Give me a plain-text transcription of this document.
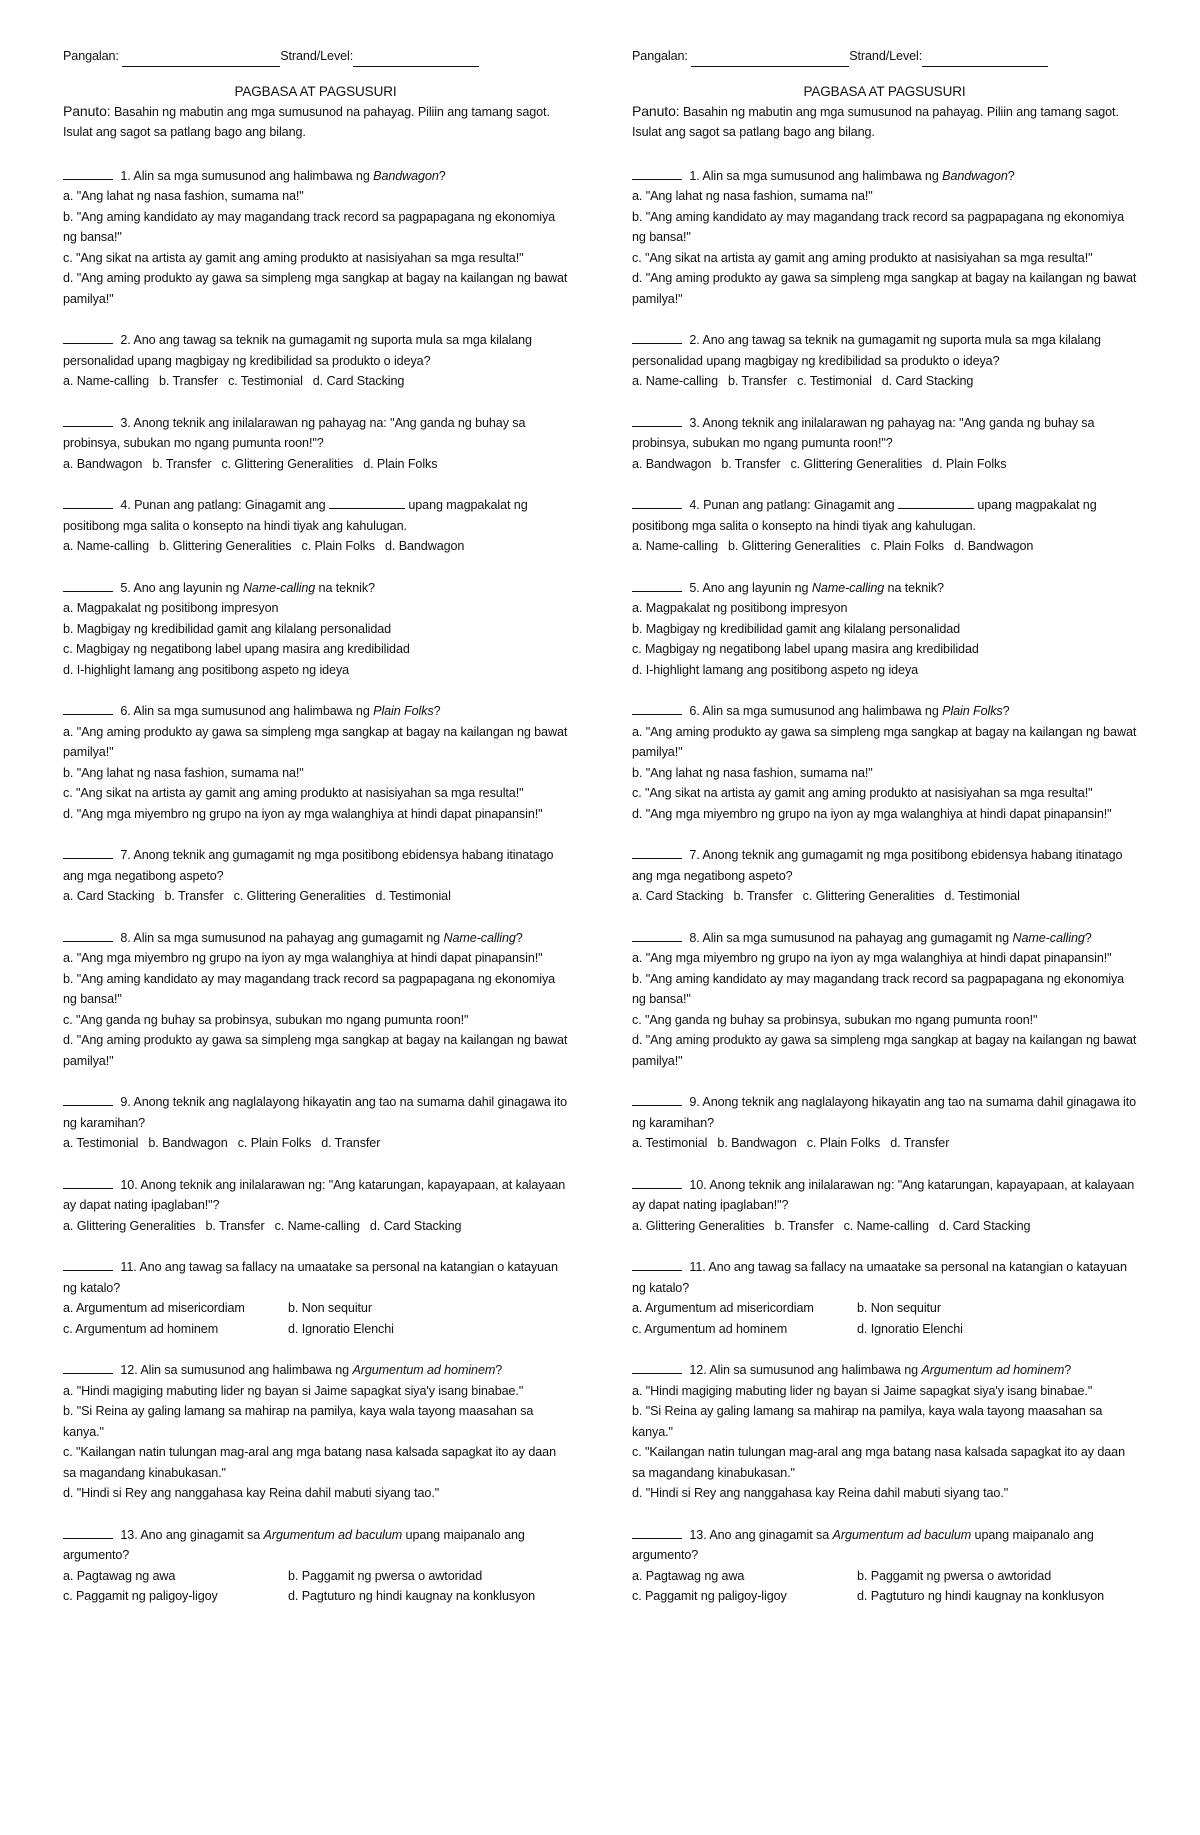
Pangalan:
	Strand/Level:

PAGBASA AT PAGSUSURI

Panuto: Basahin ng mabutin ang mga sumusunod na pahayag. Piliin ang tamang sagot. Isulat ang sagot sa patlang bago ang bilang.

1. Alin sa mga sumusunod ang halimbawa ng Bandwagon?
a. "Ang lahat ng nasa fashion, sumama na!"
b. "Ang aming kandidato ay may magandang track record sa pagpapagana ng ekonomiya ng bansa!"
c. "Ang sikat na artista ay gamit ang aming produkto at nasisiyahan sa mga resulta!"
d. "Ang aming produkto ay gawa sa simpleng mga sangkap at bagay na kailangan ng bawat pamilya!"
2. Ano ang tawag sa teknik na gumagamit ng suporta mula sa mga kilalang personalidad upang magbigay ng kredibilidad sa produkto o ideya?
a. Name-calling b. Transfer c. Testimonial d. Card Stacking
3. Anong teknik ang inilalarawan ng pahayag na: "Ang ganda ng buhay sa probinsya, subukan mo ngang pumunta roon!"?
a. Bandwagon b. Transfer c. Glittering Generalities d. Plain Folks
4. Punan ang patlang: Ginagamit ang	upang magpakalat ng positibong mga salita o konsepto na hindi tiyak ang kahulugan.
a. Name-calling b. Glittering Generalities c. Plain Folks d. Bandwagon
5. Ano ang layunin ng Name-calling na teknik?
a. Magpakalat ng positibong impresyon
b. Magbigay ng kredibilidad gamit ang kilalang personalidad
c. Magbigay ng negatibong label upang masira ang kredibilidad
d. I-highlight lamang ang positibong aspeto ng ideya
6. Alin sa mga sumusunod ang halimbawa ng Plain Folks?
a. "Ang aming produkto ay gawa sa simpleng mga sangkap at bagay na kailangan ng bawat pamilya!"
b. "Ang lahat ng nasa fashion, sumama na!"
c. "Ang sikat na artista ay gamit ang aming produkto at nasisiyahan sa mga resulta!"
d. "Ang mga miyembro ng grupo na iyon ay mga walanghiya at hindi dapat pinapansin!"
7. Anong teknik ang gumagamit ng mga positibong ebidensya habang itinatago ang mga negatibong aspeto?
a. Card Stacking b. Transfer c. Glittering Generalities d. Testimonial
8. Alin sa mga sumusunod na pahayag ang gumagamit ng Name-calling?
a. "Ang mga miyembro ng grupo na iyon ay mga walanghiya at hindi dapat pinapansin!"
b. "Ang aming kandidato ay may magandang track record sa pagpapagana ng ekonomiya ng bansa!"
c. "Ang ganda ng buhay sa probinsya, subukan mo ngang pumunta roon!"
d. "Ang aming produkto ay gawa sa simpleng mga sangkap at bagay na kailangan ng bawat pamilya!"
9. Anong teknik ang naglalayong hikayatin ang tao na sumama dahil ginagawa ito ng karamihan?
a. Testimonial b. Bandwagon c. Plain Folks d. Transfer
10. Anong teknik ang inilalarawan ng: "Ang katarungan, kapayapaan, at kalayaan ay dapat nating ipaglaban!"?
a. Glittering Generalities b. Transfer c. Name-calling d. Card Stacking
11. Ano ang tawag sa fallacy na umaatake sa personal na katangian o katayuan ng katalo?
a. Argumentum ad misericordiam	b. Non sequitur
c. Argumentum ad hominem	d. Ignoratio Elenchi
12. Alin sa sumusunod ang halimbawa ng Argumentum ad hominem?
a. "Hindi magiging mabuting lider ng bayan si Jaime sapagkat siya'y isang binabae."
b. "Si Reina ay galing lamang sa mahirap na pamilya, kaya wala tayong maasahan sa kanya."
c. "Kailangan natin tulungan mag-aral ang mga batang nasa kalsada sapagkat ito ay daan sa magandang kinabukasan."
d. "Hindi si Rey ang nanggahasa kay Reina dahil mabuti siyang tao."
13. Ano ang ginagamit sa Argumentum ad baculum upang maipanalo ang argumento?
a. Pagtawag ng awa	b. Paggamit ng pwersa o awtoridad
c. Paggamit ng paligoy-ligoy	d. Pagtuturo ng hindi kaugnay na konklusyon
Pangalan:
	Strand/Level:

PAGBASA AT PAGSUSURI

Panuto: Basahin ng mabutin ang mga sumusunod na pahayag. Piliin ang tamang sagot. Isulat ang sagot sa patlang bago ang bilang.

1. Alin sa mga sumusunod ang halimbawa ng Bandwagon?
a. "Ang lahat ng nasa fashion, sumama na!"
b. "Ang aming kandidato ay may magandang track record sa pagpapagana ng ekonomiya ng bansa!"
c. "Ang sikat na artista ay gamit ang aming produkto at nasisiyahan sa mga resulta!"
d. "Ang aming produkto ay gawa sa simpleng mga sangkap at bagay na kailangan ng bawat pamilya!"
2. Ano ang tawag sa teknik na gumagamit ng suporta mula sa mga kilalang personalidad upang magbigay ng kredibilidad sa produkto o ideya?
a. Name-calling b. Transfer c. Testimonial d. Card Stacking
3. Anong teknik ang inilalarawan ng pahayag na: "Ang ganda ng buhay sa probinsya, subukan mo ngang pumunta roon!"?
a. Bandwagon b. Transfer c. Glittering Generalities d. Plain Folks
4. Punan ang patlang: Ginagamit ang	upang magpakalat ng positibong mga salita o konsepto na hindi tiyak ang kahulugan.
a. Name-calling b. Glittering Generalities c. Plain Folks d. Bandwagon
5. Ano ang layunin ng Name-calling na teknik?
a. Magpakalat ng positibong impresyon
b. Magbigay ng kredibilidad gamit ang kilalang personalidad
c. Magbigay ng negatibong label upang masira ang kredibilidad
d. I-highlight lamang ang positibong aspeto ng ideya
6. Alin sa mga sumusunod ang halimbawa ng Plain Folks?
a. "Ang aming produkto ay gawa sa simpleng mga sangkap at bagay na kailangan ng bawat pamilya!"
b. "Ang lahat ng nasa fashion, sumama na!"
c. "Ang sikat na artista ay gamit ang aming produkto at nasisiyahan sa mga resulta!"
d. "Ang mga miyembro ng grupo na iyon ay mga walanghiya at hindi dapat pinapansin!"
7. Anong teknik ang gumagamit ng mga positibong ebidensya habang itinatago ang mga negatibong aspeto?
a. Card Stacking b. Transfer c. Glittering Generalities d. Testimonial
8. Alin sa mga sumusunod na pahayag ang gumagamit ng Name-calling?
a. "Ang mga miyembro ng grupo na iyon ay mga walanghiya at hindi dapat pinapansin!"
b. "Ang aming kandidato ay may magandang track record sa pagpapagana ng ekonomiya ng bansa!"
c. "Ang ganda ng buhay sa probinsya, subukan mo ngang pumunta roon!"
d. "Ang aming produkto ay gawa sa simpleng mga sangkap at bagay na kailangan ng bawat pamilya!"
9. Anong teknik ang naglalayong hikayatin ang tao na sumama dahil ginagawa ito ng karamihan?
a. Testimonial b. Bandwagon c. Plain Folks d. Transfer
10. Anong teknik ang inilalarawan ng: "Ang katarungan, kapayapaan, at kalayaan ay dapat nating ipaglaban!"?
a. Glittering Generalities b. Transfer c. Name-calling d. Card Stacking
11. Ano ang tawag sa fallacy na umaatake sa personal na katangian o katayuan ng katalo?
a. Argumentum ad misericordiam	b. Non sequitur
c. Argumentum ad hominem	d. Ignoratio Elenchi
12. Alin sa sumusunod ang halimbawa ng Argumentum ad hominem?
a. "Hindi magiging mabuting lider ng bayan si Jaime sapagkat siya'y isang binabae."
b. "Si Reina ay galing lamang sa mahirap na pamilya, kaya wala tayong maasahan sa kanya."
c. "Kailangan natin tulungan mag-aral ang mga batang nasa kalsada sapagkat ito ay daan sa magandang kinabukasan."
d. "Hindi si Rey ang nanggahasa kay Reina dahil mabuti siyang tao."
13. Ano ang ginagamit sa Argumentum ad baculum upang maipanalo ang argumento?
a. Pagtawag ng awa	b. Paggamit ng pwersa o awtoridad
c. Paggamit ng paligoy-ligoy	d. Pagtuturo ng hindi kaugnay na konklusyon
